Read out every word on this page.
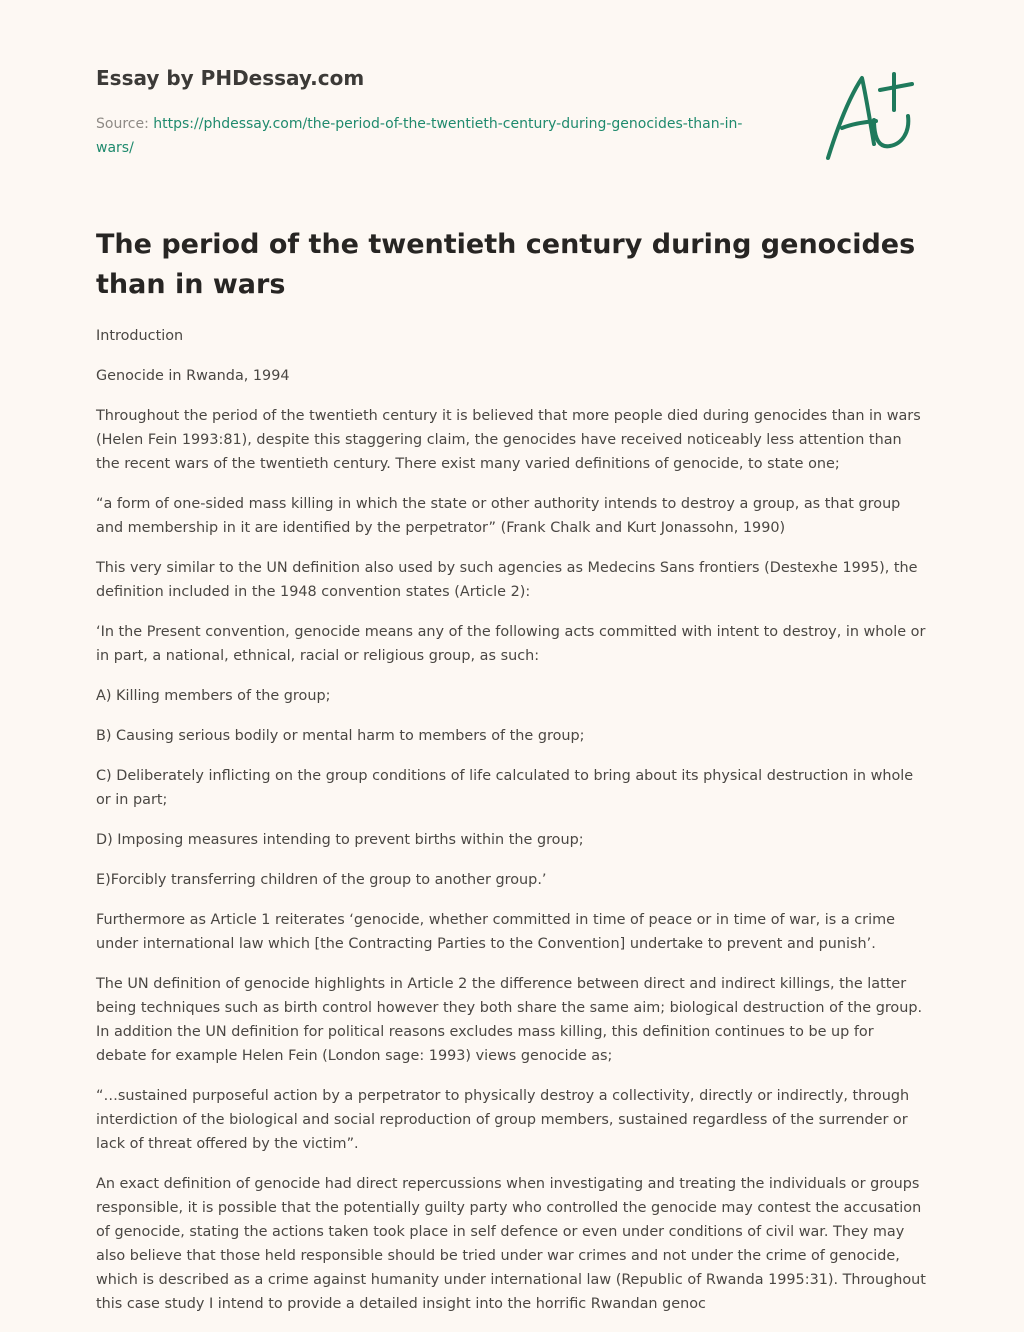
Essay by PHDessay.com
Source: https://phdessay.com/the-period-of-the-twentieth-century-during-genocides-than-in-wars/
The period of the twentieth century during genocides than in wars

Introduction

Genocide in Rwanda, 1994

Throughout the period of the twentieth century it is believed that more people died during genocides than in wars (Helen Fein 1993:81), despite this staggering claim, the genocides have received noticeably less attention than the recent wars of the twentieth century. There exist many varied definitions of genocide, to state one;

“a form of one-sided mass killing in which the state or other authority intends to destroy a group, as that group and membership in it are identified by the perpetrator” (Frank Chalk and Kurt Jonassohn, 1990)

This very similar to the UN definition also used by such agencies as Medecins Sans frontiers (Destexhe 1995), the definition included in the 1948 convention states (Article 2):

‘In the Present convention, genocide means any of the following acts committed with intent to destroy, in whole or in part, a national, ethnical, racial or religious group, as such:

A) Killing members of the group;

B) Causing serious bodily or mental harm to members of the group;

C) Deliberately inflicting on the group conditions of life calculated to bring about its physical destruction in whole or in part;

D) Imposing measures intending to prevent births within the group;

E)Forcibly transferring children of the group to another group.’

Furthermore as Article 1 reiterates ‘genocide, whether committed in time of peace or in time of war, is a crime under international law which [the Contracting Parties to the Convention] undertake to prevent and punish’.

The UN definition of genocide highlights in Article 2 the difference between direct and indirect killings, the latter being techniques such as birth control however they both share the same aim; biological destruction of the group. In addition the UN definition for political reasons excludes mass killing, this definition continues to be up for debate for example Helen Fein (London sage: 1993) views genocide as;

“…sustained purposeful action by a perpetrator to physically destroy a collectivity, directly or indirectly, through interdiction of the biological and social reproduction of group members, sustained regardless of the surrender or lack of threat offered by the victim”.

An exact definition of genocide had direct repercussions when investigating and treating the individuals or groups responsible, it is possible that the potentially guilty party who controlled the genocide may contest the accusation of genocide, stating the actions taken took place in self defence or even under conditions of civil war. They may also believe that those held responsible should be tried under war crimes and not under the crime of genocide, which is described as a crime against humanity under international law (Republic of Rwanda 1995:31). Throughout this case study I intend to provide a detailed insight into the horrific Rwandan genoc
